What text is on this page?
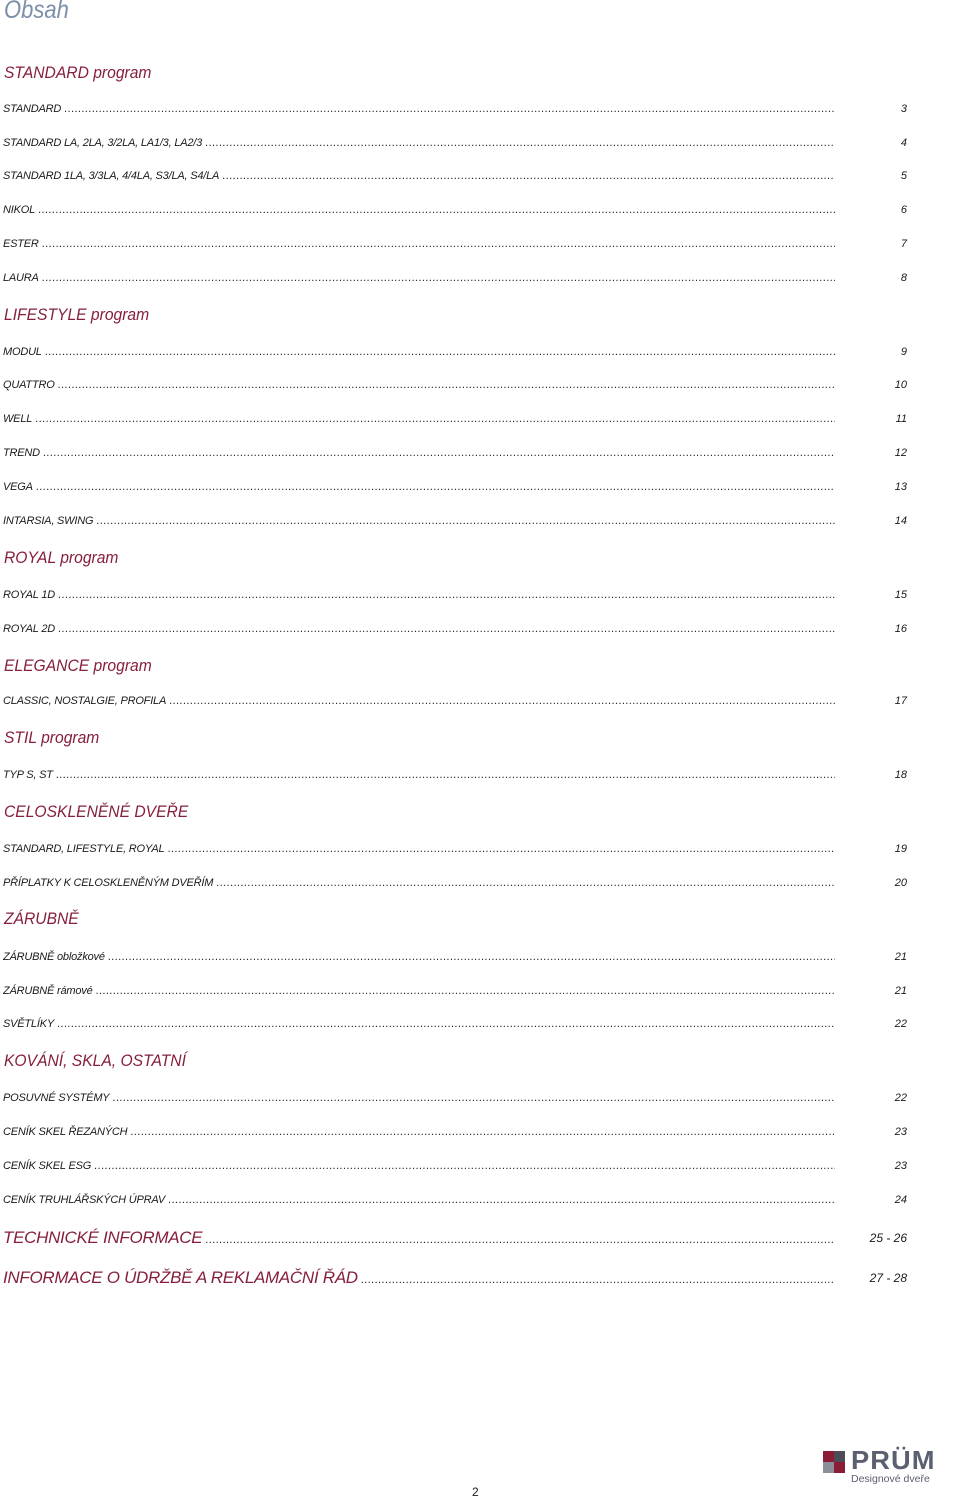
Obsah
STANDARD program
STANDARD .....	3
STANDARD LA, 2LA, 3/2LA, LA1/3, LA2/3 .....	4
STANDARD 1LA, 3/3LA, 4/4LA, S3/LA, S4/LA .....	5
NIKOL .....	6
ESTER .....	7
LAURA .....	8
LIFESTYLE program
MODUL .....	9
QUATTRO .....	10
WELL .....	11
TREND .....	12
VEGA .....	13
INTARSIA, SWING .....	14
ROYAL program
ROYAL 1D .....	15
ROYAL 2D .....	16
ELEGANCE program
CLASSIC, NOSTALGIE, PROFILA .....	17
STIL program
TYP S, ST .....	18
CELOSKLENĚNÉ DVEŘE
STANDARD, LIFESTYLE, ROYAL .....	19
PŘÍPLATKY K CELOSKLENĚNÝM DVEŘÍM .....	20
ZÁRUBNĚ
ZÁRUBNĚ obložkové .....	21
ZÁRUBNĚ rámové .....	21
SVĚTLÍKY .....	22
KOVÁNÍ, SKLA, OSTATNÍ
POSUVNÉ SYSTÉMY .....	22
CENÍK SKEL ŘEZANÝCH .....	23
CENÍK SKEL ESG .....	23
CENÍK TRUHLÁŘSKÝCH ÚPRAV .....	24
TECHNICKÉ INFORMACE .....	25 - 26
INFORMACE O ÚDRŽBĚ A REKLAMAČNÍ ŘÁD .....	27 - 28
2
PRÜM
Designové dveře
